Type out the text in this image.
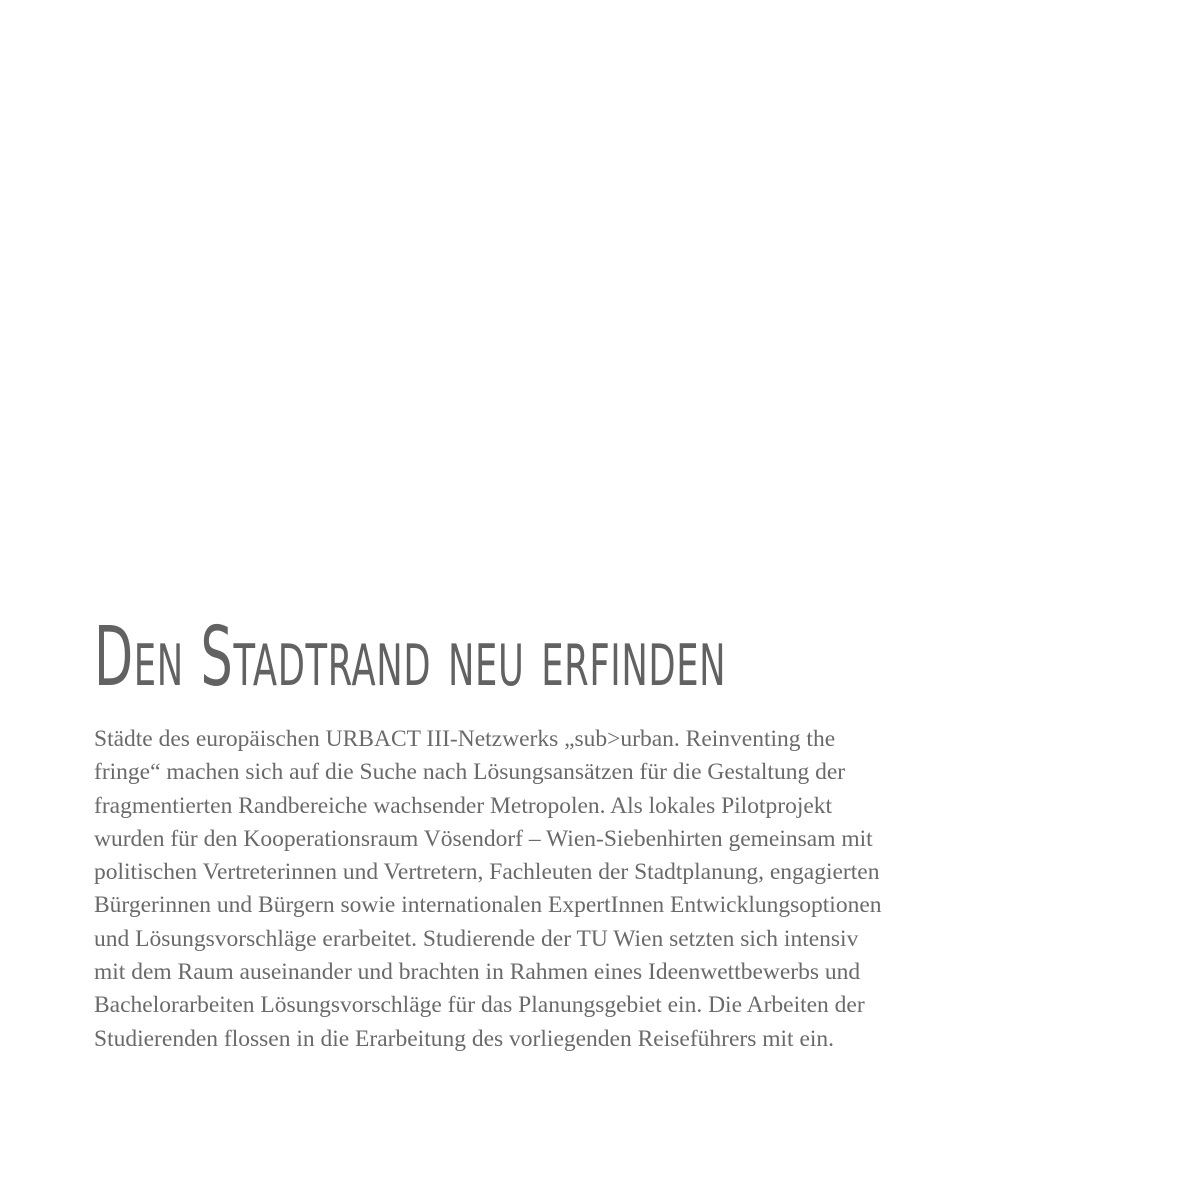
Den Stadtrand neu erfinden

Städte des europäischen URBACT III-Netzwerks „sub>urban. Reinventing the
fringe“ machen sich auf die Suche nach Lösungsansätzen für die Gestaltung der
fragmentierten Randbereiche wachsender Metropolen. Als lokales Pilotprojekt
wurden für den Kooperationsraum Vösendorf – Wien-Siebenhirten gemeinsam mit
politischen Vertreterinnen und Vertretern, Fachleuten der Stadtplanung, engagierten
Bürgerinnen und Bürgern sowie internationalen ExpertInnen Entwicklungsoptionen
und Lösungsvorschläge erarbeitet. Studierende der TU Wien setzten sich intensiv
mit dem Raum auseinander und brachten in Rahmen eines Ideenwettbewerbs und
Bachelorarbeiten Lösungsvorschläge für das Planungsgebiet ein. Die Arbeiten der
Studierenden flossen in die Erarbeitung des vorliegenden Reiseführers mit ein.
